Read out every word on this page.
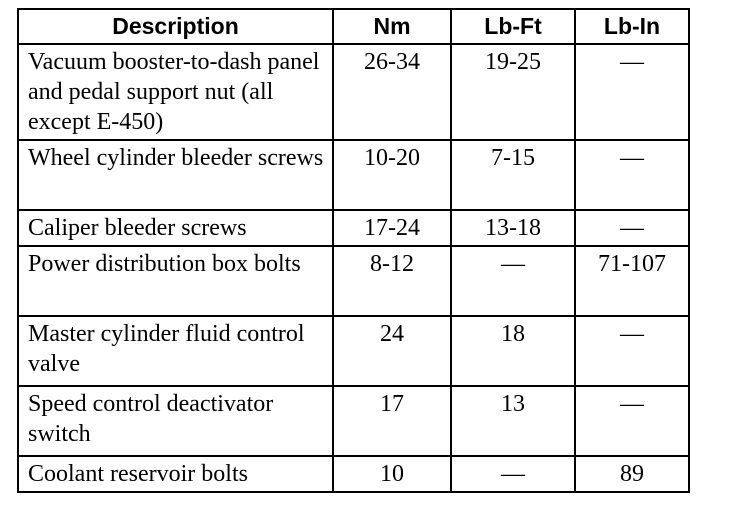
Description	Nm	Lb-Ft	Lb-In
Vacuum booster-to-dash panel and pedal support nut (all except E-450)	26-34	19-25	—
Wheel cylinder bleeder screws	10-20	7-15	—
Caliper bleeder screws	17-24	13-18	—
Power distribution box bolts	8-12	—	71-107
Master cylinder fluid control valve	24	18	—
Speed control deactivator switch	17	13	—
Coolant reservoir bolts	10	—	89
